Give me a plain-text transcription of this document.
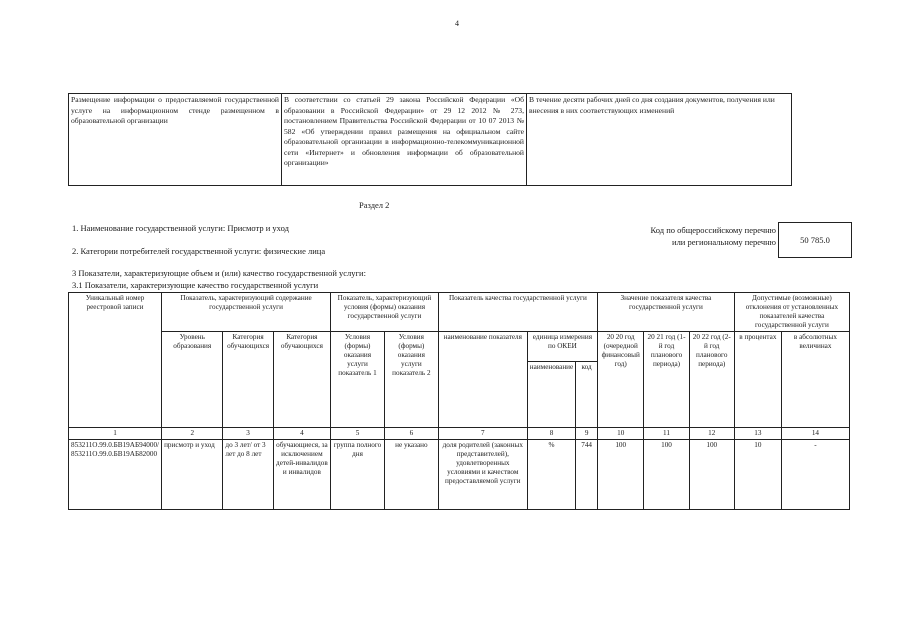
4
Размещение информации о предоставляемой государственной услуге на информационном стенде размещенном в образовательной организации	В соответствии со статьей 29 закона Российской Федерации «Об образовании в Российской Федерации» от 29 12 2012 № 273, постановлением Правительства Российской Федерации от 10 07 2013 № 582 «Об утверждении правил размещения на официальном сайте образовательной организации в информационно-телекоммуникационной сети «Интернет» и обновления информации об образовательной организации»	В течение десяти рабочих дней со дня создания документов, получения или внесения в них соответствующих изменений
Раздел 2
1. Наименование государственной услуги: Присмотр и уход
2. Категории потребителей государственной услуги: физические лица
Код по общероссийскому перечню или региональному перечню	50 785.0
3 Показатели, характеризующие объем и (или) качество государственной услуги:
3.1 Показатели, характеризующие качество государственной услуги
Уникальный номер реестровой записи	Показатель, характеризующий содержание государственной услуги			Показатель, характеризующий условия (формы) оказания государственной услуги		Показатель качества государственной услуги			Значение показателя качества государственной услуги			Допустимые (возможные) отклонения от установленных показателей качества государственной услуги	
	Уровень образования	Категория обучающихся	Категория обучающихся	Условия (формы) оказания услуги показатель 1	Условия (формы) оказания услуги показатель 2	наименование показателя	единица измерения по ОКЕИ		20 20 год (очередной финансовый год)	20 21 год (1-й год планового периода)	20 22 год (2-й год планового периода)	в процентах	в абсолютных величинах
							наименование	код					
1	2	3	4	5	6	7	8	9	10	11	12	13	14
853211О.99.0.БВ19АБ94000/ 853211О.99.0.БВ19АБ82000	присмотр и уход	до 3 лет/ от 3 лет до 8 лет	обучающиеся, за исключением детей-инвалидов и инвалидов	группа полного дня	не указано	доля родителей (законных представителей), удовлетворенных условиями и качеством предоставляемой услуги	%	744	100	100	100	10	-
